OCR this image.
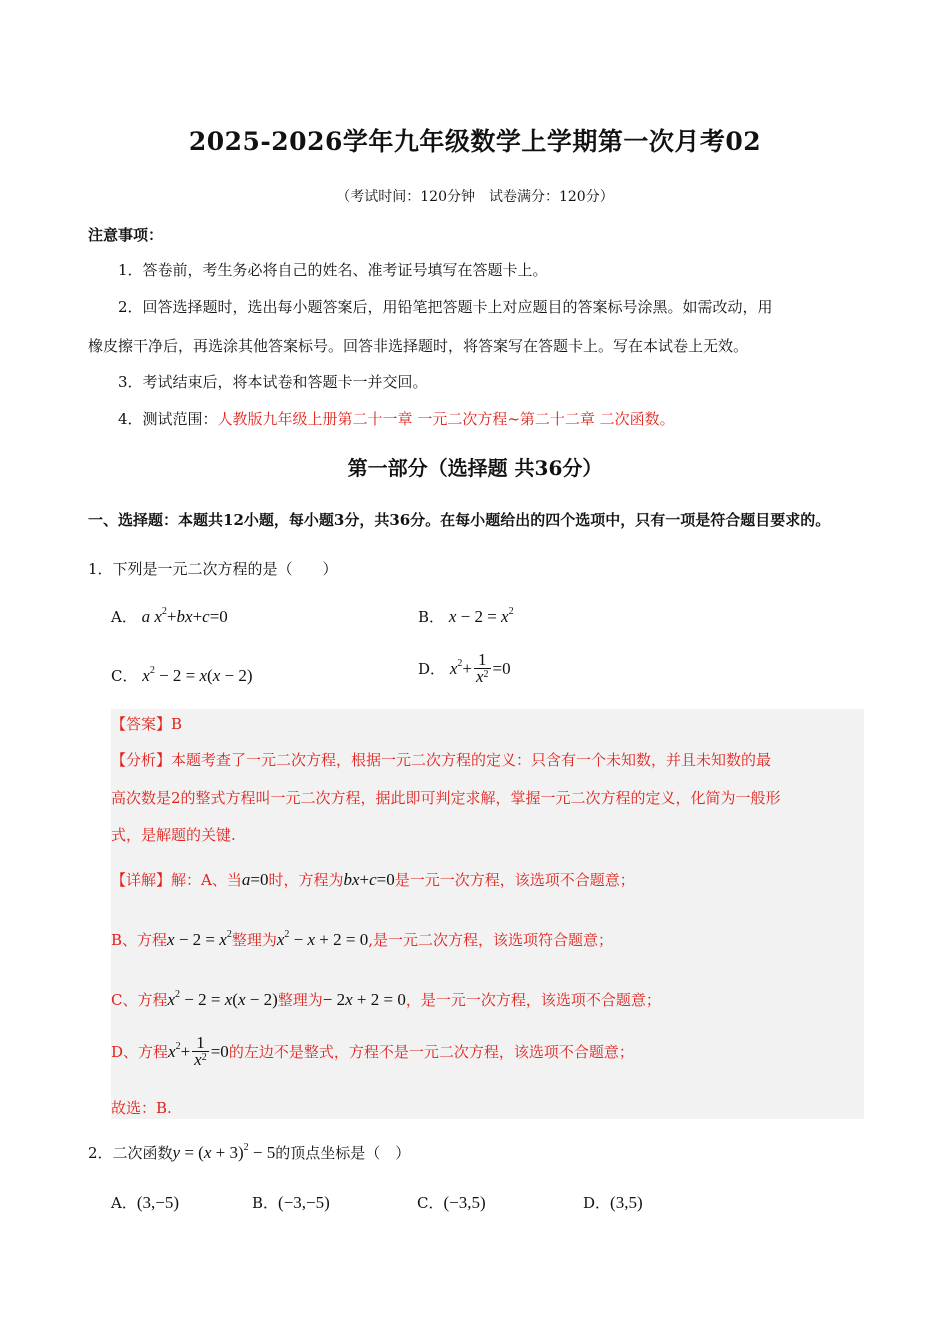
2025-2026学年九年级数学上学期第一次月考02
（考试时间：120分钟　试卷满分：120分）
注意事项：
1．答卷前，考生务必将自己的姓名、准考证号填写在答题卡上。
2．回答选择题时，选出每小题答案后，用铅笔把答题卡上对应题目的答案标号涂黑。如需改动，用
橡皮擦干净后，再选涂其他答案标号。回答非选择题时，将答案写在答题卡上。写在本试卷上无效。
3．考试结束后，将本试卷和答题卡一并交回。
4．测试范围：人教版九年级上册第二十一章 一元二次方程~第二十二章 二次函数。
第一部分（选择题 共36分）
一、选择题：本题共12小题，每小题3分，共36分。在每小题给出的四个选项中，只有一项是符合题目要求的。
1．下列是一元二次方程的是（　　）
A． a $x^2+bx+c=0$	B． $x - 2 = x^2$
C． $x^2 - 2 = x(x - 2)$	D． $x^2+ \frac{1}{x^2} =0$
【答案】B
【分析】本题考查了一元二次方程，根据一元二次方程的定义：只含有一个未知数，并且未知数的最
高次数是2的整式方程叫一元二次方程，据此即可判定求解，掌握一元二次方程的定义，化简为一般形
式，是解题的关键.
【详解】解：A、当a=0时，方程为bx+c=0是一元一次方程，该选项不合题意；
B、方程$x - 2 = x^2$整理为$x^2 - x + 2 = 0$,是一元二次方程，该选项符合题意；
C、方程$x^2 - 2 = x(x - 2)$整理为− 2x + 2 = 0，是一元一次方程，该选项不合题意；
D、方程$x^2+ \frac{1}{x^2} =0$的左边不是整式，方程不是一元二次方程，该选项不合题意；
故选：B.
2．二次函数$y = (x + 3)^2 - 5$的顶点坐标是（　）
A．(3,−5)	B．(−3,−5)	C．(−3,5)	D．(3,5)
